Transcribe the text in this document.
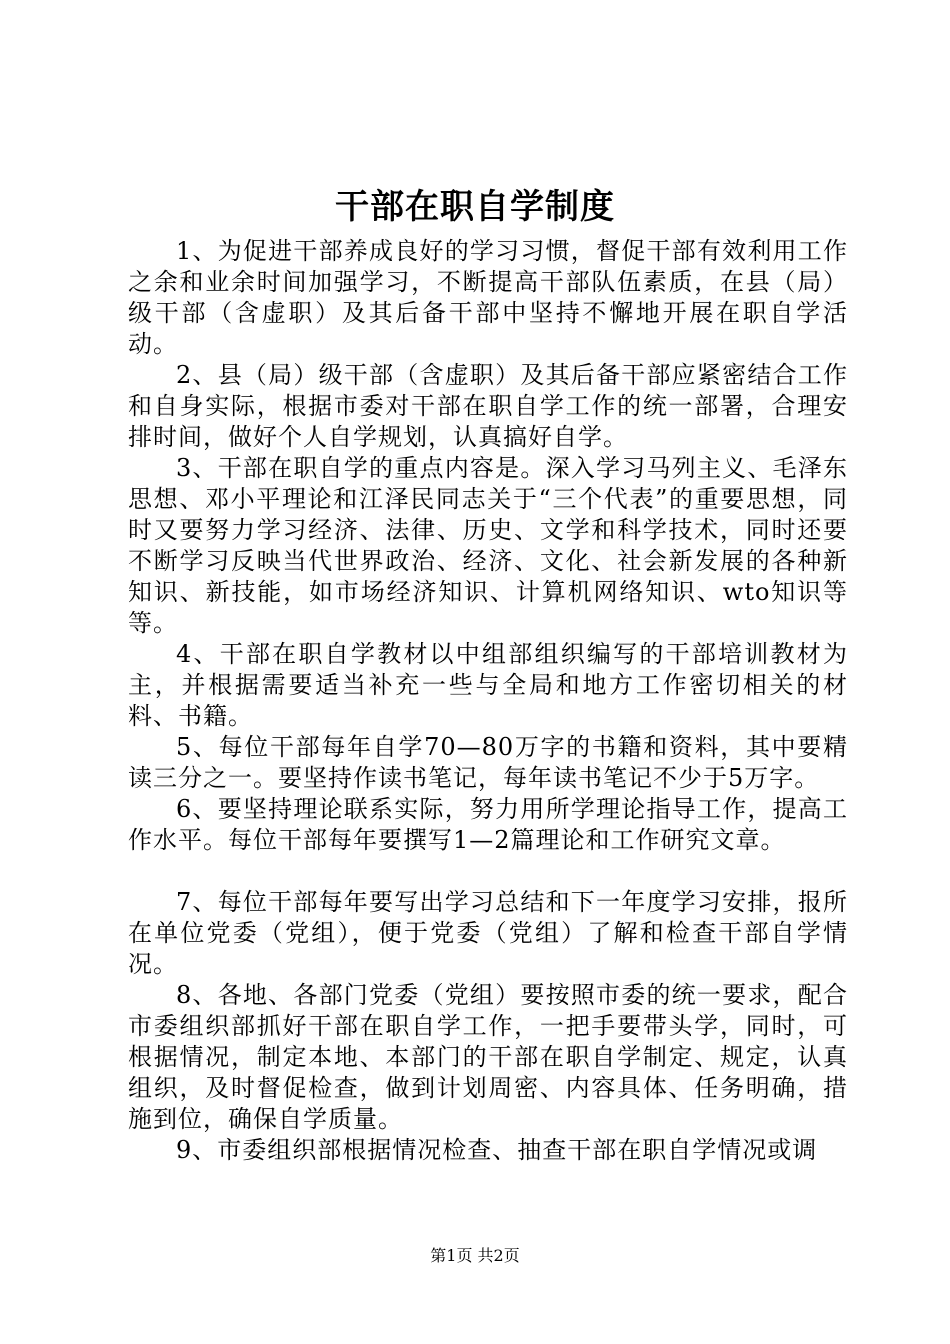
干部在职自学制度

1、为促进干部养成良好的学习习惯，督促干部有效利用工作之余和业余时间加强学习，不断提高干部队伍素质，在县（局）级干部（含虚职）及其后备干部中坚持不懈地开展在职自学活动。

2、县（局）级干部（含虚职）及其后备干部应紧密结合工作和自身实际，根据市委对干部在职自学工作的统一部署，合理安排时间，做好个人自学规划，认真搞好自学。

3、干部在职自学的重点内容是。深入学习马列主义、毛泽东思想、邓小平理论和江泽民同志关于“三个代表”的重要思想，同时又要努力学习经济、法律、历史、文学和科学技术，同时还要不断学习反映当代世界政治、经济、文化、社会新发展的各种新知识、新技能，如市场经济知识、计算机网络知识、wto知识等等。

4、干部在职自学教材以中组部组织编写的干部培训教材为主，并根据需要适当补充一些与全局和地方工作密切相关的材料、书籍。

5、每位干部每年自学70—80万字的书籍和资料，其中要精读三分之一。要坚持作读书笔记，每年读书笔记不少于5万字。

6、要坚持理论联系实际，努力用所学理论指导工作，提高工作水平。每位干部每年要撰写1—2篇理论和工作研究文章。

7、每位干部每年要写出学习总结和下一年度学习安排，报所在单位党委（党组），便于党委（党组）了解和检查干部自学情况。

8、各地、各部门党委（党组）要按照市委的统一要求，配合市委组织部抓好干部在职自学工作，一把手要带头学，同时，可根据情况，制定本地、本部门的干部在职自学制定、规定，认真组织，及时督促检查，做到计划周密、内容具体、任务明确，措施到位，确保自学质量。

9、市委组织部根据情况检查、抽查干部在职自学情况或调

第1页 共2页
